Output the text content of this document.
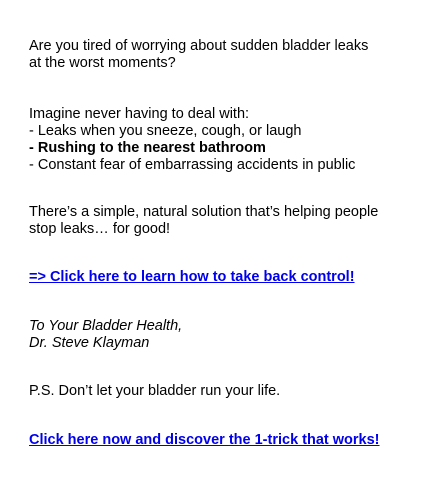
Are you tired of worrying about sudden bladder leaks
at the worst moments?
Imagine never having to deal with:
- Leaks when you sneeze, cough, or laugh
- Rushing to the nearest bathroom
- Constant fear of embarrassing accidents in public
There’s a simple, natural solution that’s helping people
stop leaks… for good!
=> Click here to learn how to take back control!
To Your Bladder Health,
Dr. Steve Klayman
P.S. Don’t let your bladder run your life.
Click here now and discover the 1-trick that works!
